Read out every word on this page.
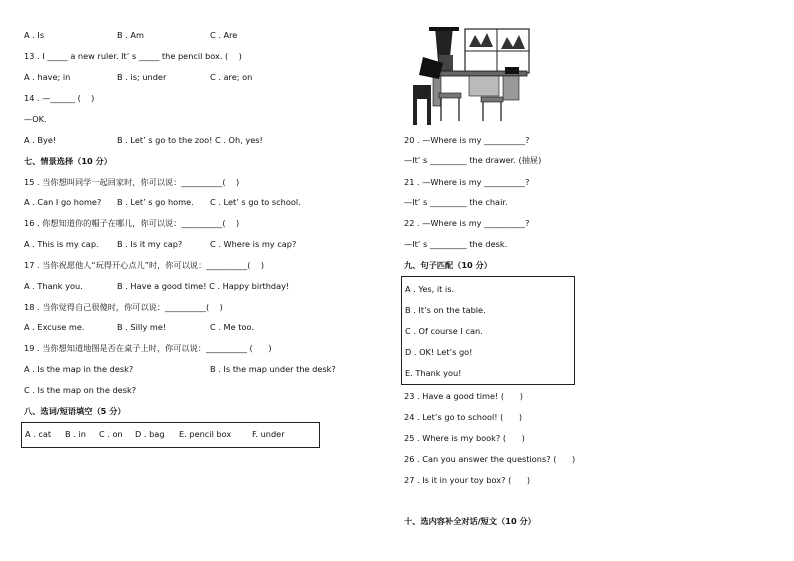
A . Is	B . Am	C . Are
13 . I _____ a new ruler. It’ s _____ the pencil box. (    )
A . have; in	B . is; under	C . are; on
14 . —______ (    )
—OK.
A . Bye!	B . Let’ s go to the zoo! C . Oh, yes!
七、情景选择（10 分）
15 . 当你想叫同学一起回家时，你可以说：__________(    )
A . Can I go home? B . Let’ s go home. C . Let’ s go to school.
16 . 你想知道你的帽子在哪儿，你可以说：__________(    )
A . This is my cap. B . Is it my cap?	C . Where is my cap?
17 . 当你祝愿他人“玩得开心点儿”时，你可以说：__________(    )
A . Thank you.	B . Have a good time! C . Happy birthday!
18 . 当你觉得自己很傻时，你可以说：__________(    )
A . Excuse me.	B . Silly me!	C . Me too.
19 . 当你想知道地图是否在桌子上时，你可以说：__________ (      )
A . Is the map in the desk?	B . Is the map under the desk?
C . Is the map on the desk?
八、选词/短语填空（5 分）
A . cat B . in C . on D . bag E. pencil box	F. under
20 . —Where is my __________?
—It’ s _________ the drawer. (抽屉)
21 . —Where is my __________?
—It’ s _________ the chair.
22 . —Where is my __________?
—It’ s _________ the desk.
九、句子匹配（10 分）
A . Yes, it is.
B . It’s on the table.
C . Of course I can.
D . OK! Let’s go!
E. Thank you!
23 . Have a good time! (      )
24 . Let’s go to school! (      )
25 . Where is my book? (      )
26 . Can you answer the questions? (      )
27 . Is it in your toy box? (      )
十、选内容补全对话/短文（10 分）
